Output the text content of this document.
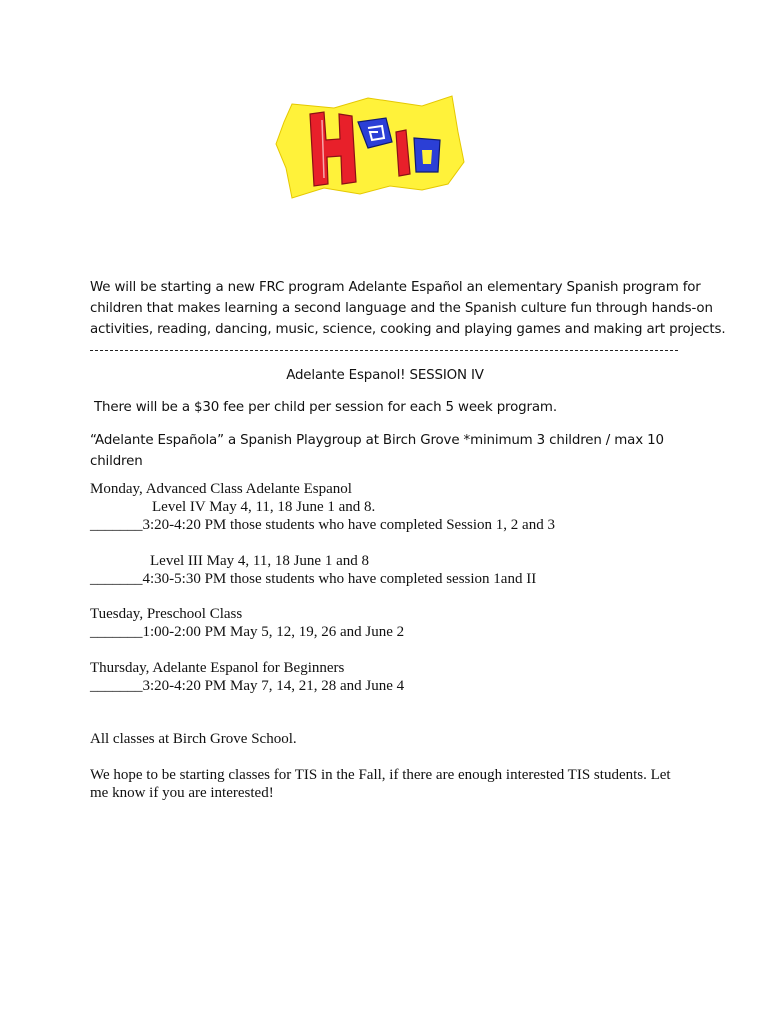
We will be starting a new FRC program Adelante Español an elementary Spanish program for
children that makes learning a second language and the Spanish culture fun through hands-on
activities, reading, dancing, music, science, cooking and playing games and making art projects.
Adelante Espanol! SESSION IV
There will be a $30 fee per child per session for each 5 week program.
“Adelante Española” a Spanish Playgroup at Birch Grove *minimum 3 children / max 10
children
Monday, Advanced Class Adelante Espanol
Level IV May 4, 11, 18 June 1 and 8.
_______3:20-4:20 PM those students who have completed Session 1, 2 and 3
Level III May 4, 11, 18 June 1 and 8
_______4:30-5:30 PM those students who have completed session 1and II
Tuesday, Preschool Class
_______1:00-2:00 PM May 5, 12, 19, 26 and June 2
Thursday, Adelante Espanol for Beginners
_______3:20-4:20 PM May 7, 14, 21, 28 and June 4
All classes at Birch Grove School.
We hope to be starting classes for TIS in the Fall, if there are enough interested TIS students. Let
me know if you are interested!
